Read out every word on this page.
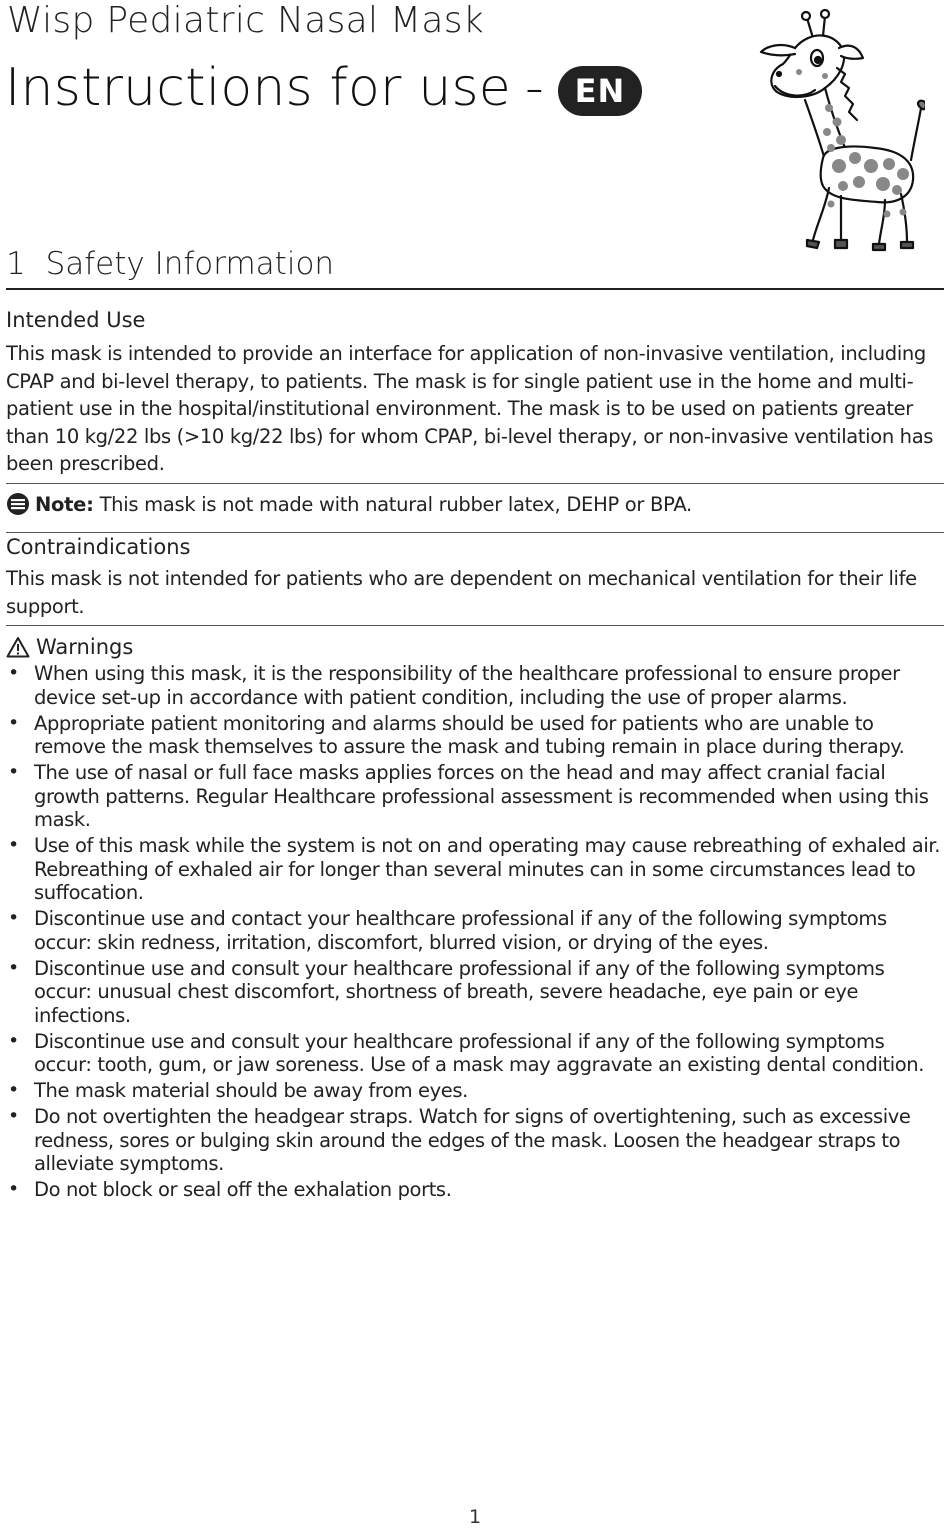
Wisp Pediatric Nasal Mask
Instructions for use - EN
1 Safety Information
Intended Use
This mask is intended to provide an interface for application of non-invasive ventilation, including CPAP and bi-level therapy, to patients. The mask is for single patient use in the home and multi-patient use in the hospital/institutional environment. The mask is to be used on patients greater than 10 kg/22 lbs (>10 kg/22 lbs) for whom CPAP, bi-level therapy, or non-invasive ventilation has been prescribed.
Note: This mask is not made with natural rubber latex, DEHP or BPA.
Contraindications
This mask is not intended for patients who are dependent on mechanical ventilation for their life support.
Warnings
• When using this mask, it is the responsibility of the healthcare professional to ensure proper device set-up in accordance with patient condition, including the use of proper alarms.
• Appropriate patient monitoring and alarms should be used for patients who are unable to remove the mask themselves to assure the mask and tubing remain in place during therapy.
• The use of nasal or full face masks applies forces on the head and may affect cranial facial growth patterns. Regular Healthcare professional assessment is recommended when using this mask.
• Use of this mask while the system is not on and operating may cause rebreathing of exhaled air. Rebreathing of exhaled air for longer than several minutes can in some circumstances lead to suffocation.
• Discontinue use and contact your healthcare professional if any of the following symptoms occur: skin redness, irritation, discomfort, blurred vision, or drying of the eyes.
• Discontinue use and consult your healthcare professional if any of the following symptoms occur: unusual chest discomfort, shortness of breath, severe headache, eye pain or eye infections.
• Discontinue use and consult your healthcare professional if any of the following symptoms occur: tooth, gum, or jaw soreness. Use of a mask may aggravate an existing dental condition.
• The mask material should be away from eyes.
• Do not overtighten the headgear straps. Watch for signs of overtightening, such as excessive redness, sores or bulging skin around the edges of the mask. Loosen the headgear straps to alleviate symptoms.
• Do not block or seal off the exhalation ports.
1
